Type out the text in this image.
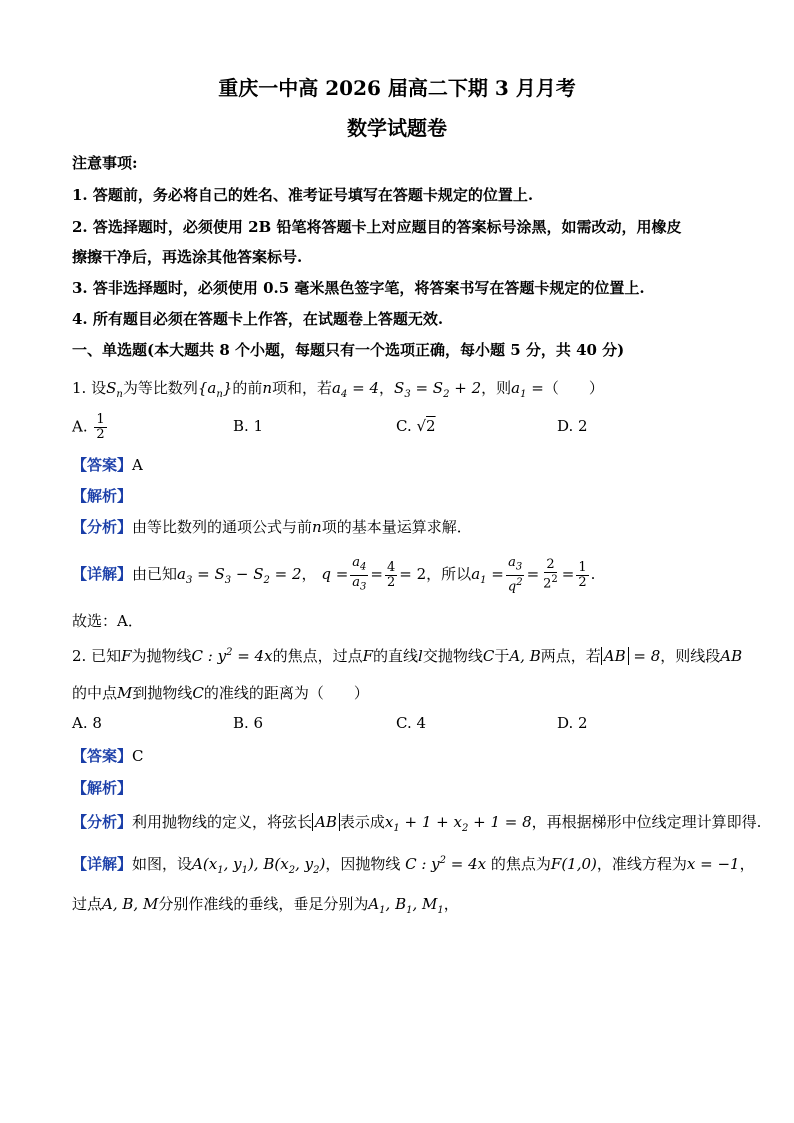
重庆一中高 2026 届高二下期 3 月月考
数学试题卷
注意事项:
1. 答题前，务必将自己的姓名、准考证号填写在答题卡规定的位置上.
2. 答选择题时，必须使用 2B 铅笔将答题卡上对应题目的答案标号涂黑，如需改动，用橡皮
擦擦干净后，再选涂其他答案标号.
3. 答非选择题时，必须使用 0.5 毫米黑色签字笔，将答案书写在答题卡规定的位置上.
4. 所有题目必须在答题卡上作答，在试题卷上答题无效.
一、单选题(本大题共 8 个小题，每题只有一个选项正确，每小题 5 分，共 40 分)
1. 设$S_n$为等比数列$\{a_n\}$的前n项和，若$a_4 = 4$，$S_3 = S_2 + 2$，则$a_1$ =（　　）
A. $\frac{1}{2}$	B. 1	C. √2	D. 2
【答案】A
【解析】
【分析】由等比数列的通项公式与前n项的基本量运算求解．
【详解】由已知$a_3 = S_3 - S_2 = 2$， $q = \frac{a_4}{a_3} = \frac{4}{2} = 2$，所以$a_1 = \frac{a_3}{q^2} = \frac{2}{2^2} = \frac{1}{2}$ .
故选：A．
2. 已知F为抛物线C : $y^2 = 4x$的焦点，过点F的直线l交抛物线C于A, B两点，若 AB = 8，则线段AB
的中点M到抛物线C的准线的距离为（　　）
A. 8	B. 6	C. 4	D. 2
【答案】C
【解析】
【分析】利用抛物线的定义，将弦长 AB 表示成$x_1 + 1 + x_2 + 1 = 8$，再根据梯形中位线定理计算即得.
【详解】如图，设$A(x_1$, $y_1$), $B(x_2$, $y_2$)，因抛物线 C : $y^2 = 4x$ 的焦点为F(1,0)，准线方程为x = −1，
过点A, B, M分别作准线的垂线，垂足分别为$A_1$, $B_1$, $M_1$，
